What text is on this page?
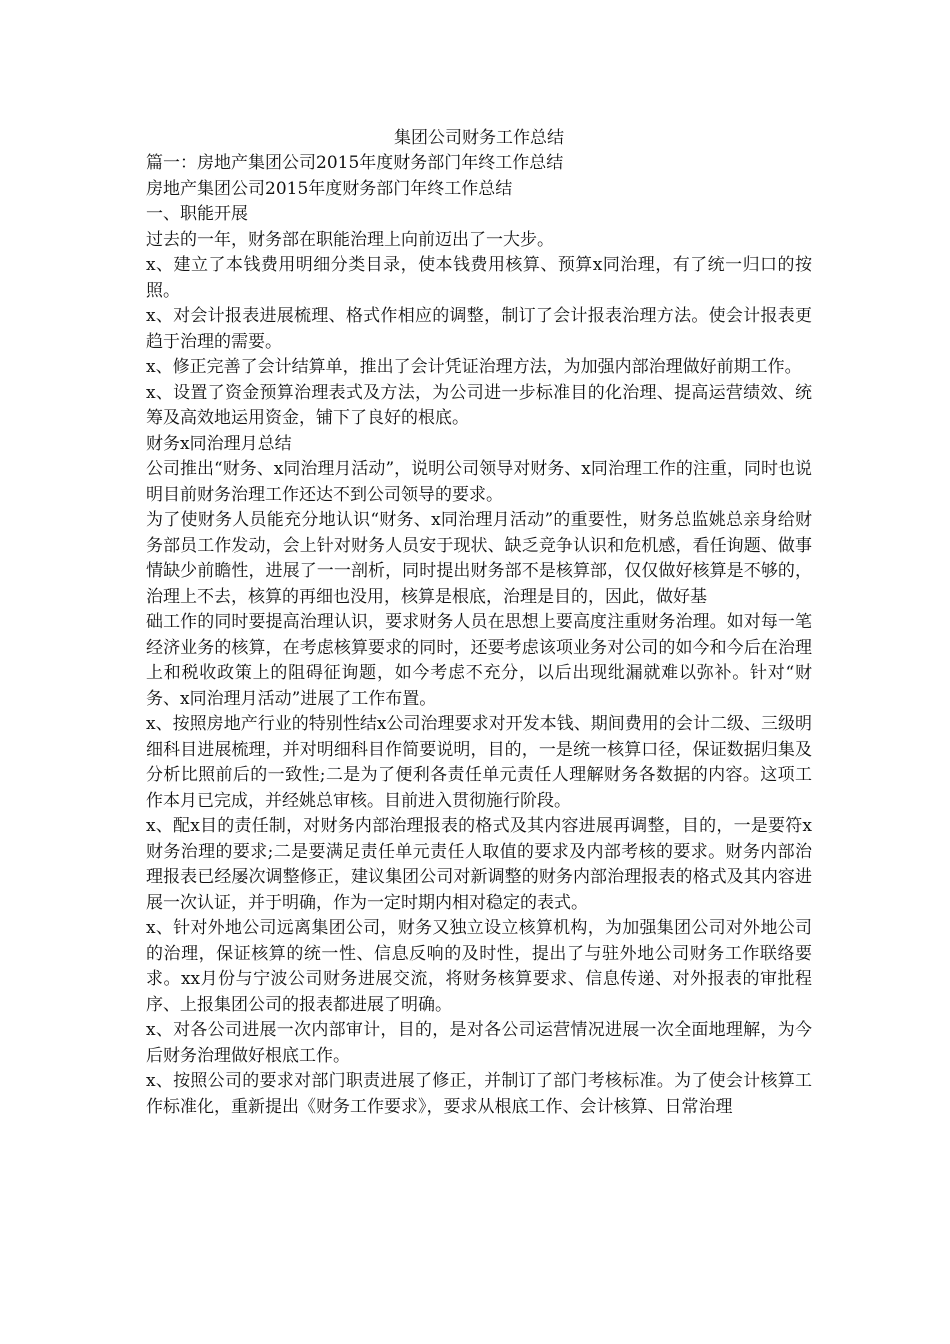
集团公司财务工作总结

篇一：房地产集团公司2015年度财务部门年终工作总结

房地产集团公司2015年度财务部门年终工作总结

一、职能开展

过去的一年，财务部在职能治理上向前迈出了一大步。

x、建立了本钱费用明细分类目录，使本钱费用核算、预算x同治理，有了统一归口的按照。

x、对会计报表进展梳理、格式作相应的调整，制订了会计报表治理方法。使会计报表更趋于治理的需要。

x、修正完善了会计结算单，推出了会计凭证治理方法，为加强内部治理做好前期工作。

x、设置了资金预算治理表式及方法，为公司进一步标准目的化治理、提高运营绩效、统筹及高效地运用资金，铺下了良好的根底。

财务x同治理月总结

公司推出“财务、x同治理月活动”，说明公司领导对财务、x同治理工作的注重，同时也说明目前财务治理工作还达不到公司领导的要求。

为了使财务人员能充分地认识“财务、x同治理月活动”的重要性，财务总监姚总亲身给财务部员工作发动，会上针对财务人员安于现状、缺乏竞争认识和危机感，看任询题、做事情缺少前瞻性，进展了一一剖析，同时提出财务部不是核算部，仅仅做好核算是不够的，治理上不去，核算的再细也没用，核算是根底，治理是目的，因此，做好基

础工作的同时要提高治理认识，要求财务人员在思想上要高度注重财务治理。如对每一笔经济业务的核算，在考虑核算要求的同时，还要考虑该项业务对公司的如今和今后在治理上和税收政策上的阻碍征询题，如今考虑不充分，以后出现纰漏就难以弥补。针对“财务、x同治理月活动”进展了工作布置。

x、按照房地产行业的特别性结x公司治理要求对开发本钱、期间费用的会计二级、三级明细科目进展梳理，并对明细科目作简要说明，目的，一是统一核算口径，保证数据归集及分析比照前后的一致性;二是为了便利各责任单元责任人理解财务各数据的内容。这项工作本月已完成，并经姚总审核。目前进入贯彻施行阶段。

x、配x目的责任制，对财务内部治理报表的格式及其内容进展再调整，目的，一是要符x财务治理的要求;二是要满足责任单元责任人取值的要求及内部考核的要求。财务内部治理报表已经屡次调整修正，建议集团公司对新调整的财务内部治理报表的格式及其内容进展一次认证，并于明确，作为一定时期内相对稳定的表式。

x、针对外地公司远离集团公司，财务又独立设立核算机构，为加强集团公司对外地公司的治理，保证核算的统一性、信息反响的及时性，提出了与驻外地公司财务工作联络要求。xx月份与宁波公司财务进展交流，将财务核算要求、信息传递、对外报表的审批程序、上报集团公司的报表都进展了明确。

x、对各公司进展一次内部审计，目的，是对各公司运营情况进展一次全面地理解，为今后财务治理做好根底工作。

x、按照公司的要求对部门职责进展了修正，并制订了部门考核标准。为了使会计核算工作标准化，重新提出《财务工作要求》，要求从根底工作、会计核算、日常治理
